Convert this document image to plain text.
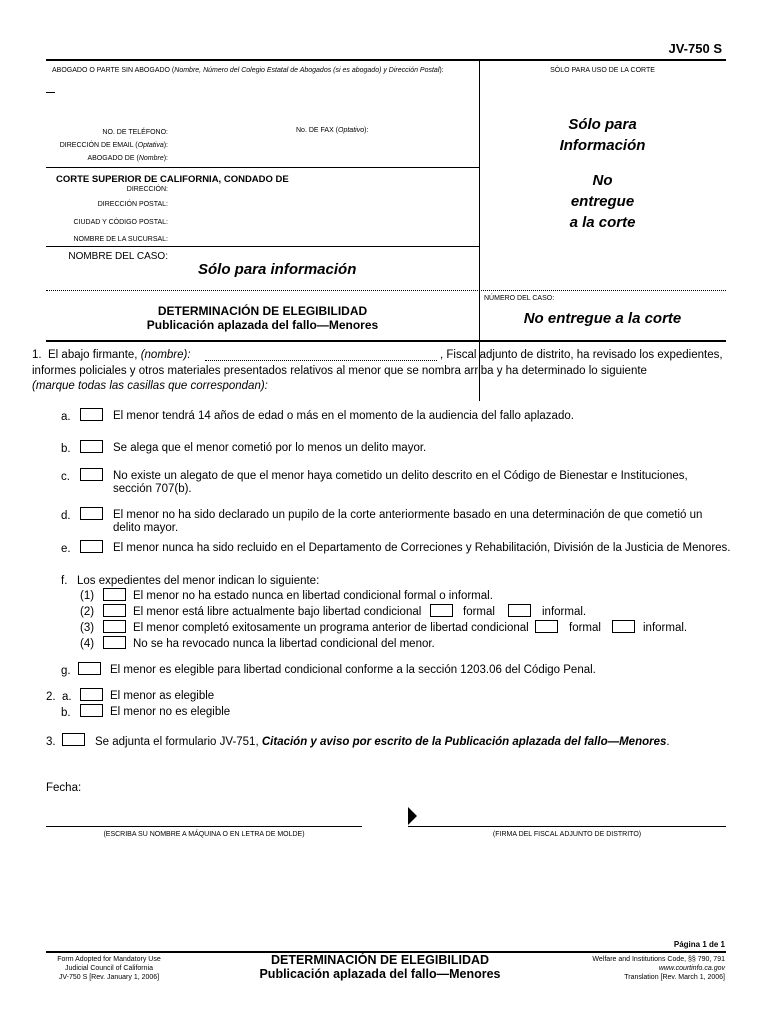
JV-750 S
ABOGADO O PARTE SIN ABOGADO (Nombre, Número del Colegio Estatal de Abogados (si es abogado) y Dirección Postal):	SÓLO PARA USO DE LA CORTE
NO. DE TELÉFONO:	No. DE FAX (Optativo):
DIRECCIÓN DE EMAIL (Optativa):
ABOGADO DE (Nombre):
CORTE SUPERIOR DE CALIFORNIA, CONDADO DE
DIRECCIÓN:
DIRECCIÓN POSTAL:
CIUDAD Y CÓDIGO POSTAL:
NOMBRE DE LA SUCURSAL:
NOMBRE DEL CASO:
Sólo para información
Sólo para
Información
No
entregue
a la corte
NÚMERO DEL CASO:
No entregue a la corte
DETERMINACIÓN DE ELEGIBILIDAD
Publicación aplazada del fallo—Menores
1. El abajo firmante, (nombre):	, Fiscal adjunto de distrito, ha revisado los expedientes,
informes policiales y otros materiales presentados relativos al menor que se nombra arriba y ha determinado lo siguiente
(marque todas las casillas que correspondan):
a.	El menor tendrá 14 años de edad o más en el momento de la audiencia del fallo aplazado.
b.	Se alega que el menor cometió por lo menos un delito mayor.
c.	No existe un alegato de que el menor haya cometido un delito descrito en el Código de Bienestar e Instituciones,
sección 707(b).
d.	El menor no ha sido declarado un pupilo de la corte anteriormente basado en una determinación de que cometió un
delito mayor.
e.	El menor nunca ha sido recluido en el Departamento de Correciones y Rehabilitación, División de la Justicia de Menores.
f.   Los expedientes del menor indican lo siguiente:
(1)	El menor no ha estado nunca en libertad condicional formal o informal.
(2)	El menor está libre actualmente bajo libertad condicional	formal	informal.
(3)	El menor completó exitosamente un programa anterior de libertad condicional	formal	informal.
(4)	No se ha revocado nunca la libertad condicional del menor.
g.	El menor es elegible para libertad condicional conforme a la sección 1203.06 del Código Penal.
2.  a.	El menor as elegible
b.	El menor no es elegible
3.	Se adjunta el formulario JV-751, Citación y aviso por escrito de la Publicación aplazada del fallo—Menores.
Fecha:
(ESCRIBA SU NOMBRE A MÁQUINA O EN LETRA DE MOLDE)	(FIRMA DEL FISCAL ADJUNTO DE DISTRITO)
Página 1 de 1
Form Adopted for Mandatory Use
Judicial Council of California
JV-750 S [Rev. January 1, 2006]
DETERMINACIÓN DE ELEGIBILIDAD
Publicación aplazada del fallo—Menores
Welfare and Institutions Code, §§ 790, 791
www.courtinfo.ca.gov
Translation [Rev. March 1, 2006]
